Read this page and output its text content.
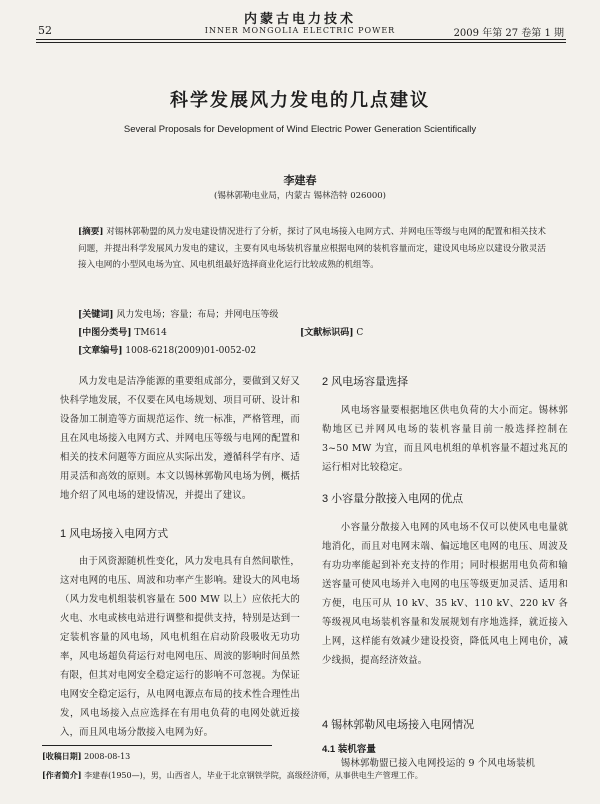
内蒙古电力技术
INNER MONGOLIA ELECTRIC POWER
52	2009 年第 27 卷第 1 期
科学发展风力发电的几点建议
Several Proposals for Development of Wind Electric Power Generation Scientifically
李建春
(锡林郭勒电业局，内蒙古 锡林浩特 026000)
[摘要] 对锡林郭勒盟的风力发电建设情况进行了分析，探讨了风电场接入电网方式、并网电压等级与电网的配置和相关技术问题，并提出科学发展风力发电的建议，主要有风电场装机容量应根据电网的装机容量而定，建设风电场应以建设分散灵活接入电网的小型风电场为宜、风电机组最好选择商业化运行比较成熟的机组等。
[关键词] 风力发电场；容量；布局；并网电压等级
[中图分类号] TM614	[文献标识码] C
[文章编号] 1008-6218(2009)01-0052-02

风力发电是洁净能源的重要组成部分，要做到又好又快科学地发展，不仅要在风电场规划、项目可研、设计和设备加工制造等方面规范运作、统一标准，严格管理，而且在风电场接入电网方式、并网电压等级与电网的配置和相关的技术问题等方面应从实际出发，遵循科学有序、适用灵活和高效的原则。本文以锡林郭勒风电场为例，概括地介绍了风电场的建设情况，并提出了建议。

1 风电场接入电网方式

由于风资源随机性变化，风力发电具有自然间歇性，这对电网的电压、周波和功率产生影响。建设大的风电场（风力发电机组装机容量在 500 MW 以上）应依托大的火电、水电或核电站进行调整和提供支持，特别是达到一定装机容量的风电场，风电机组在启动阶段吸收无功功率，风电场超负荷运行对电网电压、周波的影响时间虽然有限，但其对电网安全稳定运行的影响不可忽视。为保证电网安全稳定运行，从电网电源点布局的技术性合理性出发，风电场接入点应选择在有用电负荷的电网处就近接入，而且风电场分散接入电网为好。

2 风电场容量选择

风电场容量要根据地区供电负荷的大小而定。锡林郭勒地区已并网风电场的装机容量目前一般选择控制在 3~50 MW 为宜，而且风电机组的单机容量不超过兆瓦的运行相对比较稳定。

3 小容量分散接入电网的优点

小容量分散接入电网的风电场不仅可以使风电电量就地消化，而且对电网末端、偏远地区电网的电压、周波及有功功率能起到补充支持的作用；同时根据用电负荷和输送容量可使风电场并入电网的电压等级更加灵活、适用和方便，电压可从 10 kV、35 kV、110 kV、220 kV 各等级视风电场装机容量和发展规划有序地选择，就近接入上网，这样能有效减少建设投资，降低风电上网电价，减少线损，提高经济效益。

4 锡林郭勒风电场接入电网情况
4.1 装机容量

锡林郭勒盟已接入电网投运的 9 个风电场装机

[收稿日期] 2008-08-13
[作者简介] 李建春(1950—)，男，山西省人，毕业于北京钢铁学院，高级经济师，从事供电生产管理工作。
